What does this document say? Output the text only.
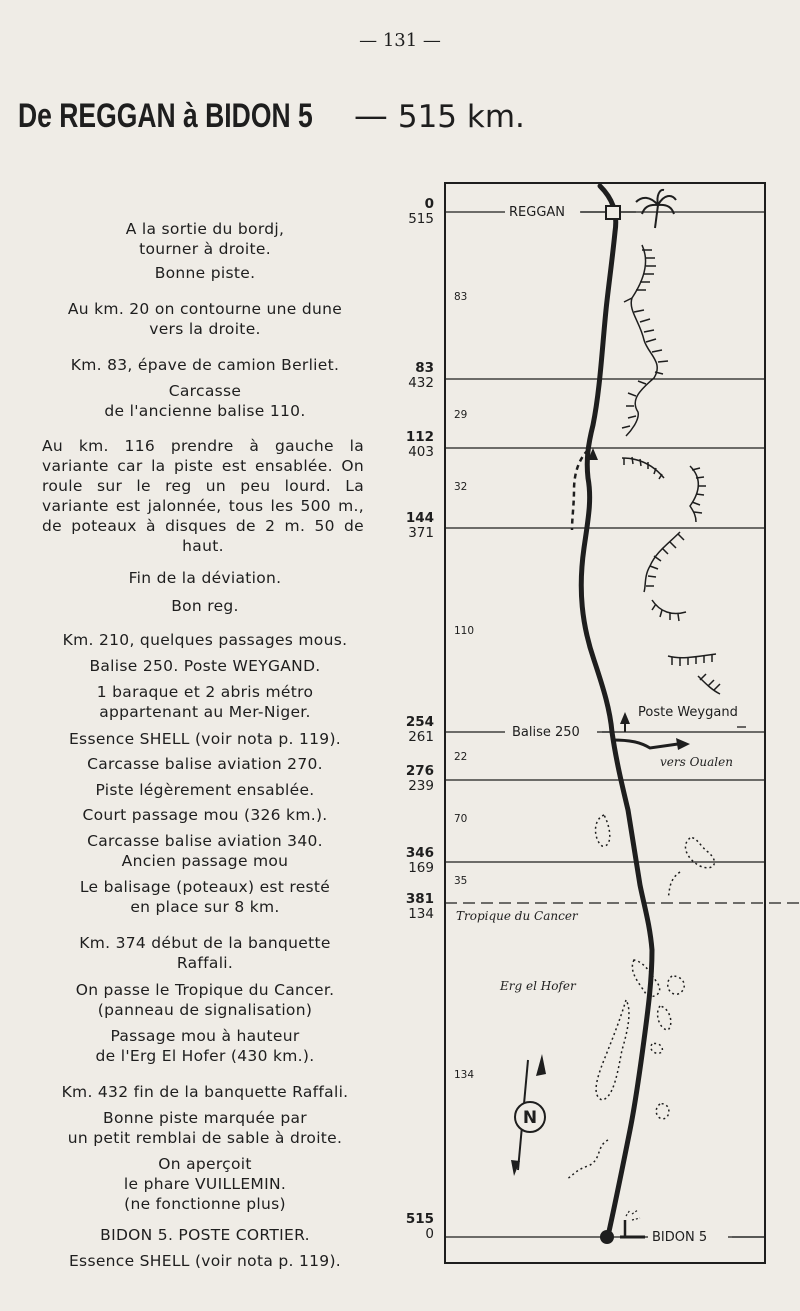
— 131 —
De REGGAN à BIDON 5 — 515 km.
A la sortie du bordj,
tourner à droite.
Bonne piste.
Au km. 20 on contourne une dune
vers la droite.
Km. 83, épave de camion Berliet.
Carcasse
de l'ancienne balise 110.
Au km. 116 prendre à gauche la variante car la piste est ensablée. On roule sur le reg un peu lourd. La variante est jalonnée, tous les 500 m., de poteaux à disques de 2 m. 50 de haut.
Fin de la déviation.
Bon reg.
Km. 210, quelques passages mous.
Balise 250. Poste WEYGAND.
1 baraque et 2 abris métro
appartenant au Mer-Niger.
Essence SHELL (voir nota p. 119).
Carcasse balise aviation 270.
Piste légèrement ensablée.
Court passage mou (326 km.).
Carcasse balise aviation 340.
Ancien passage mou
Le balisage (poteaux) est resté
en place sur 8 km.
Km. 374 début de la banquette
Raffali.
On passe le Tropique du Cancer.
(panneau de signalisation)
Passage mou à hauteur
de l'Erg El Hofer (430 km.).
Km. 432 fin de la banquette Raffali.
Bonne piste marquée par
un petit remblai de sable à droite.
On aperçoit
le phare VUILLEMIN.
(ne fonctionne plus)
BIDON 5. POSTE CORTIER.
Essence SHELL (voir nota p. 119).
0
515
83
432
112
403
144
371
254
261
276
239
346
169
381
134
515
0
N
REGGAN
Balise 250
Poste Weygand
vers Oualen
Tropique du Cancer
Erg el Hofer
BIDON 5
83
29
32
110
22
70
35
134
